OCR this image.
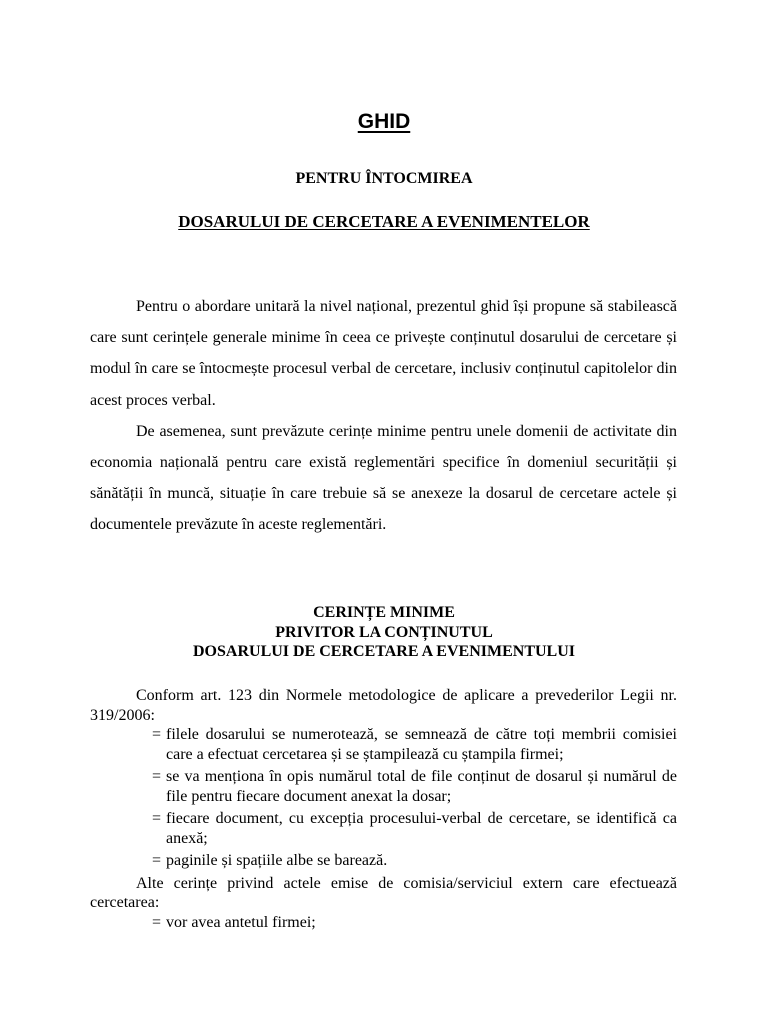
GHID
PENTRU ÎNTOCMIREA
DOSARULUI DE CERCETARE A EVENIMENTELOR

Pentru o abordare unitară la nivel național, prezentul ghid își propune să stabilească care sunt cerințele generale minime în ceea ce privește conținutul dosarului de cercetare și modul în care se întocmește procesul verbal de cercetare, inclusiv conținutul capitolelor din acest proces verbal.

De asemenea, sunt prevăzute cerințe minime pentru unele domenii de activitate din economia națională pentru care există reglementări specifice în domeniul securității și sănătății în muncă, situație în care trebuie să se anexeze la dosarul de cercetare actele și documentele prevăzute în aceste reglementări.

CERINȚE MINIME
PRIVITOR LA CONȚINUTUL
DOSARULUI DE CERCETARE A EVENIMENTULUI

Conform art. 123 din Normele metodologice de aplicare a prevederilor Legii nr. 319/2006:

= filele dosarului se numerotează, se semnează de către toți membrii comisiei care a efectuat cercetarea și se ștampilează cu ștampila firmei;
= se va menționa în opis numărul total de file conținut de dosarul și numărul de file pentru fiecare document anexat la dosar;
= fiecare document, cu excepția procesului-verbal de cercetare, se identifică ca anexă;
= paginile și spațiile albe se barează.

Alte cerințe privind actele emise de comisia/serviciul extern care efectuează cercetarea:

= vor avea antetul firmei;
